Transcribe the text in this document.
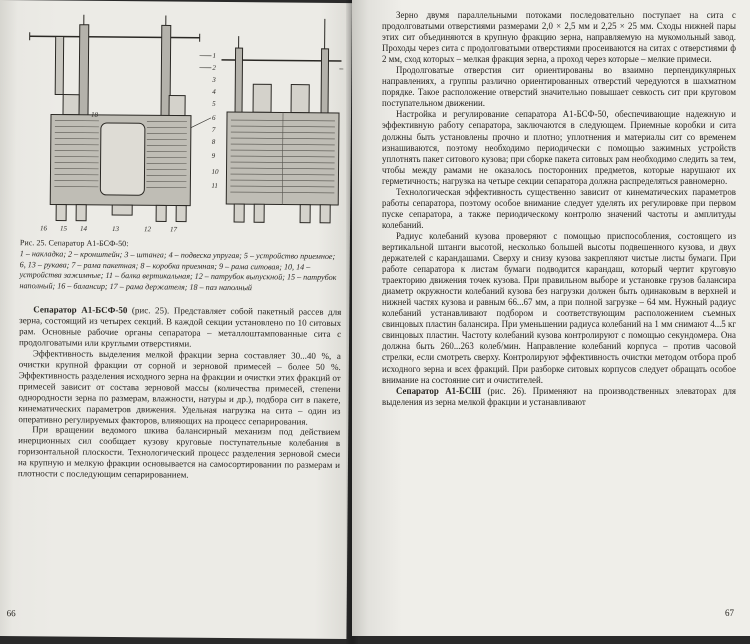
1
2
3
4
5
6
7
8
9
10
11
12
13
14
15
16	17
18

Рис. 25. Сепаратор А1-БСФ-50:
1 – накладка; 2 – кронштейн; 3 – штанга; 4 – подвеска упругая; 5 – устройство приемное; 6, 13 – рукава; 7 – рама пакетная; 8 – коробка приемная; 9 – рама ситовая; 10, 14 – устройства зажимные; 11 – балка вертикальная; 12 – патрубок выпускной; 15 – патрубок наполный; 16 – балансир; 17 – рама держателя; 18 – паз наполный

Сепаратор А1-БСФ-50 (рис. 25). Представляет собой пакетный рассев для зерна, состоящий из четырех секций. В каждой секции установлено по 10 ситовых рам. Основные рабочие органы сепаратора – металлоштампованные сита с продолговатыми или круглыми отверстиями.

Эффективность выделения мелкой фракции зерна составляет 30...40 %, а очистки крупной фракции от сорной и зерновой примесей – более 50 %. Эффективность разделения исходного зерна на фракции и очистки этих фракций от примесей зависит от состава зерновой массы (количества примесей, степени однородности зерна по размерам, влажности, натуры и др.), подбора сит в пакете, кинематических параметров движения. Удельная нагрузка на сита – один из оперативно регулируемых факторов, влияющих на процесс сепарирования.

При вращении ведомого шкива балансирный механизм под действием инерционных сил сообщает кузову круговые поступательные колебания в горизонтальной плоскости. Технологический процесс разделения зерновой смеси на крупную и мелкую фракции основывается на самосортировании по размерам и плотности с последующим сепарированием.

66

Зерно двумя параллельными потоками последовательно поступает на сита с продолговатыми отверстиями размерами 2,0 × 2,5 мм и 2,25 × 25 мм. Сходы нижней пары этих сит объединяются в крупную фракцию зерна, направляемую на мукомольный завод. Проходы через сита с продолговатыми отверстиями просеиваются на ситах с отверстиями ф 2 мм, сход которых – мелкая фракция зерна, а проход через которые – мелкие примеси.

Продолговатые отверстия сит ориентированы во взаимно перпендикулярных направлениях, а группы различно ориентированных отверстий чередуются в шахматном порядке. Такое расположение отверстий значительно повышает севкость сит при круговом поступательном движении.

Настройка и регулирование сепаратора А1-БСФ-50, обеспечивающие надежную и эффективную работу сепаратора, заключаются в следующем. Приемные коробки и сита должны быть установлены прочно и плотно; уплотнения и материалы сит со временем изнашиваются, поэтому необходимо периодически с помощью зажимных устройств уплотнять пакет ситового кузова; при сборке пакета ситовых рам необходимо следить за тем, чтобы между рамами не оказалось посторонних предметов, которые нарушают их герметичность; нагрузка на четыре секции сепаратора должна распределяться равномерно.

Технологическая эффективность существенно зависит от кинематических параметров работы сепаратора, поэтому особое внимание следует уделять их регулировке при первом пуске сепаратора, а также периодическому контролю значений частоты и амплитуды колебаний.

Радиус колебаний кузова проверяют с помощью приспособления, состоящего из вертикальной штанги высотой, несколько большей высоты подвешенного кузова, и двух держателей с карандашами. Сверху и снизу кузова закрепляют чистые листы бумаги. При работе сепаратора к листам бумаги подводится карандаш, который чертит круговую траекторию движения точек кузова. При правильном выборе и установке грузов балансира диаметр окружности колебаний кузова без нагрузки должен быть одинаковым в верхней и нижней частях кузова и равным 66...67 мм, а при полной загрузке – 64 мм. Нужный радиус колебаний устанавливают подбором и соответствующим расположением съемных свинцовых пластин балансира. При уменьшении радиуса колебаний на 1 мм снимают 4...5 кг свинцовых пластин. Частоту колебаний кузова контролируют с помощью секундомера. Она должна быть 260...263 колеб/мин. Направление колебаний корпуса – против часовой стрелки, если смотреть сверху. Контролируют эффективность очистки методом отбора проб исходного зерна и всех фракций. При разборке ситовых корпусов следует обращать особое внимание на состояние сит и очистителей.

Сепаратор А1-БСШ (рис. 26). Применяют на производственных элеваторах для выделения из зерна мелкой фракции и устанавливают

67
